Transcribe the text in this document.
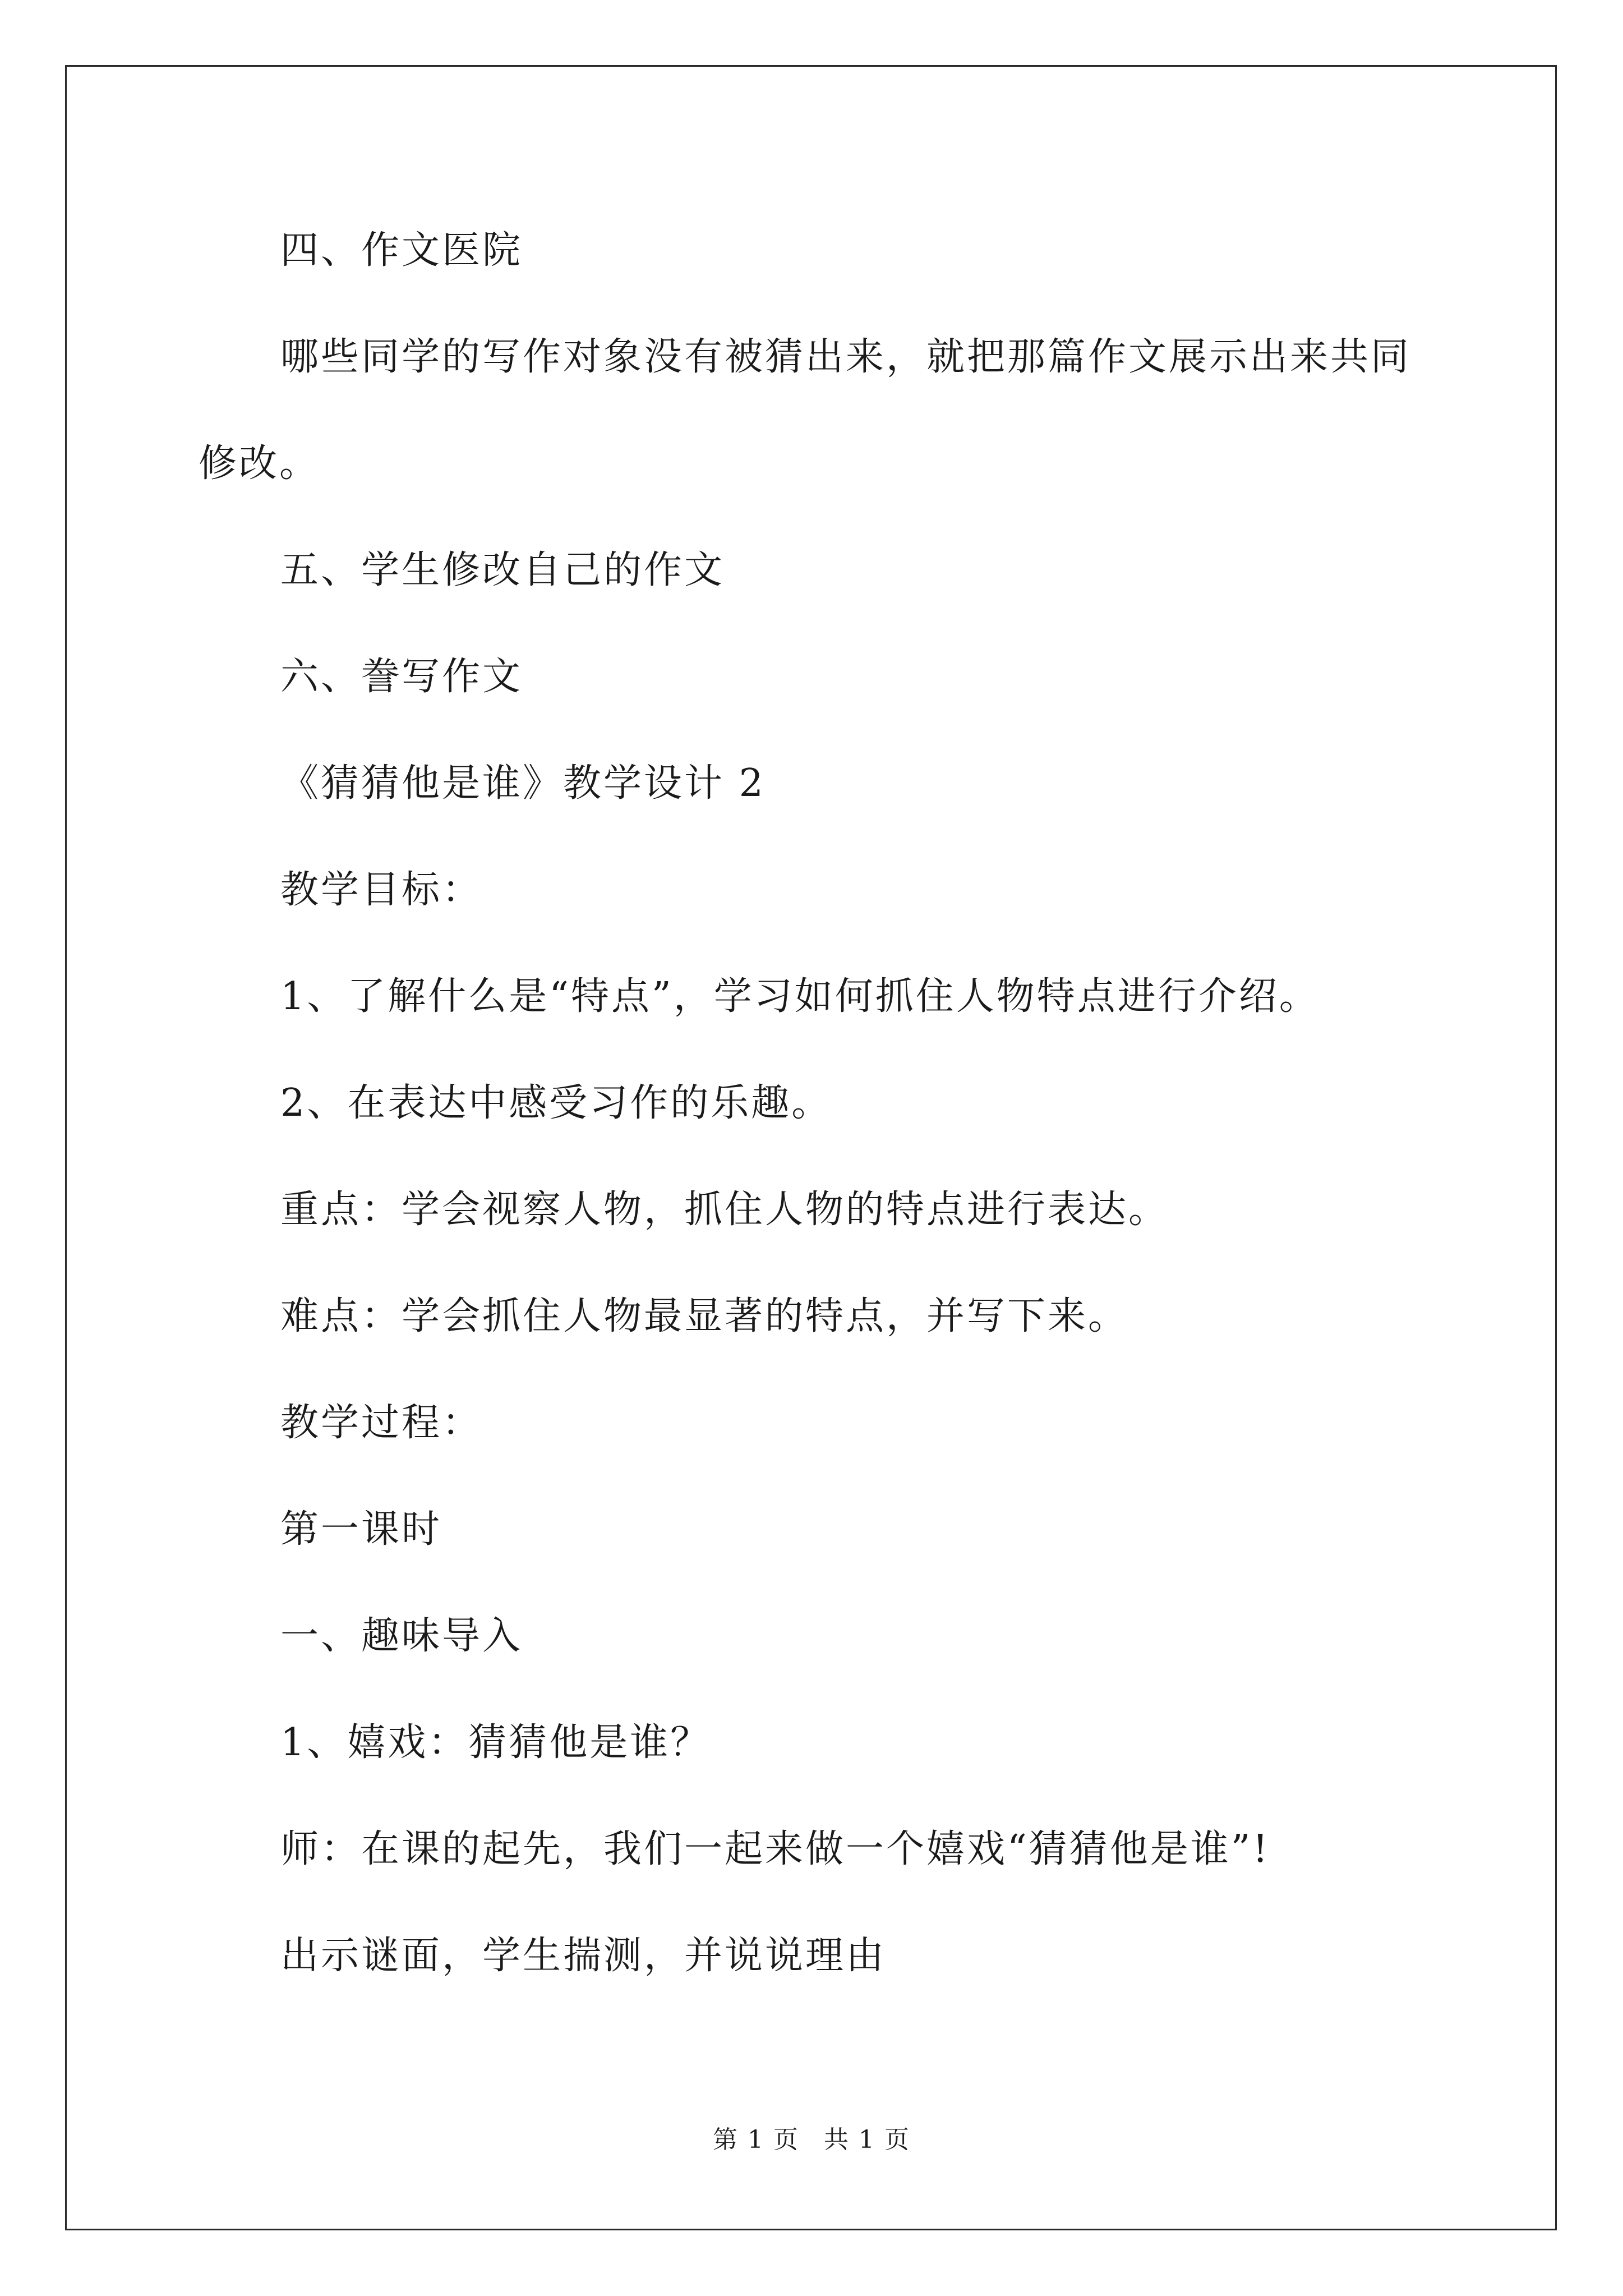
四、作文医院

哪些同学的写作对象没有被猜出来，就把那篇作文展示出来共同

修改。

五、学生修改自己的作文

六、誊写作文

《猜猜他是谁》教学设计 2

教学目标：

1、了解什么是“特点”，学习如何抓住人物特点进行介绍。

2、在表达中感受习作的乐趣。

重点：学会视察人物，抓住人物的特点进行表达。

难点：学会抓住人物最显著的特点，并写下来。

教学过程：

第一课时

一、趣味导入

1、嬉戏：猜猜他是谁？

师：在课的起先，我们一起来做一个嬉戏“猜猜他是谁”!

出示谜面，学生揣测，并说说理由

第 1 页 共 1 页
